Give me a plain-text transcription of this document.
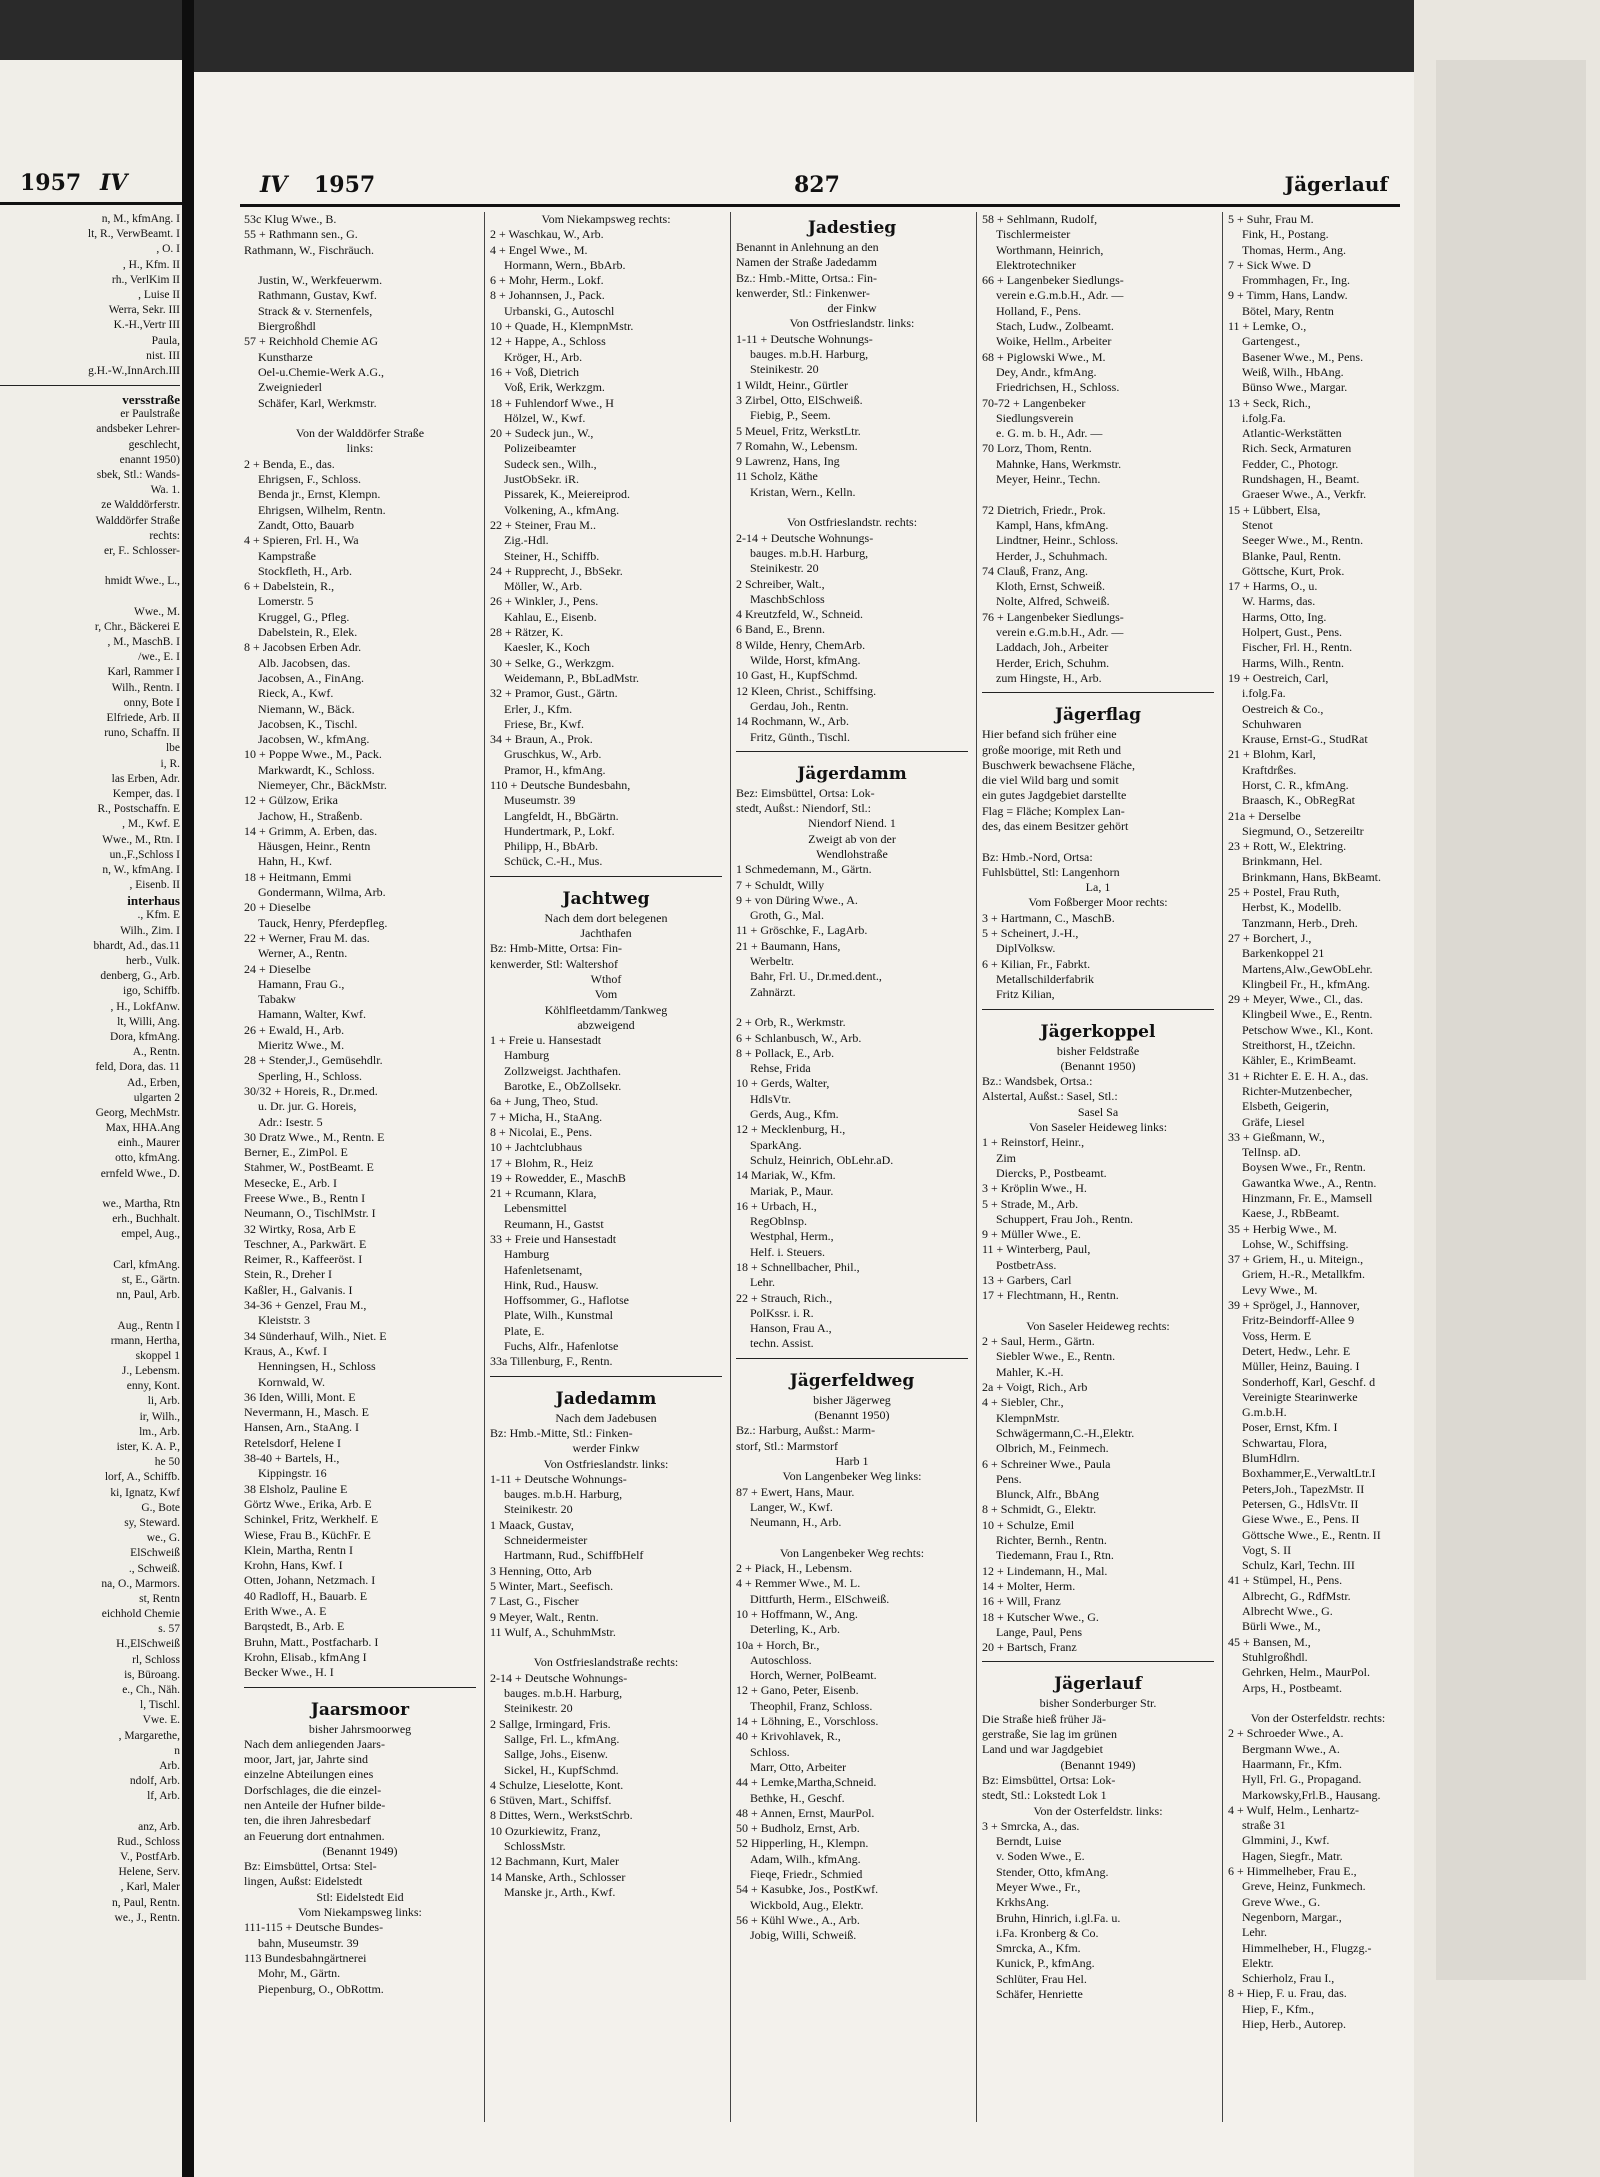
1957 IV
n, M., kfmAng. I
lt, R., VerwBeamt. I
, O. I
, H., Kfm. II
rh., VerlKim II
, Luise II
Werra, Sekr. III
K.-H.,Vertr III
Paula,
nist. III
g.H.-W.,InnArch.III
versstraße
er Paulstraße
andsbeker Lehrer-
geschlecht,
enannt 1950)
sbek, Stl.: Wands-
Wa. 1.
ze Walddörferstr.
Walddörfer Straße
rechts:
er, F.. Schlosser-
hmidt Wwe., L.,
Wwe., M.
r, Chr., Bäckerei E
, M., MaschB. I
/we., E. I
Karl, Rammer I
Wilh., Rentn. I
onny, Bote I
Elfriede, Arb. II
runo, Schaffn. II
lbe
i, R.
las Erben, Adr.
Kemper, das. I
R., Postschaffn. E
, M., Kwf. E
Wwe., M., Rtn. I
un.,F.,Schloss I
n, W., kfmAng. I
, Eisenb. II
interhaus
., Kfm. E
Wilh., Zim. I
bhardt, Ad., das.11
herb., Vulk.
denberg, G., Arb.
igo, Schiffb.
, H., LokfAnw.
lt, Willi, Ang.
Dora, kfmAng.
A., Rentn.
feld, Dora, das. 11
Ad., Erben,
ulgarten 2
Georg, MechMstr.
Max, HHA.Ang
einh., Maurer
otto, kfmAng.
ernfeld Wwe., D.
we., Martha, Rtn
erh., Buchhalt.
empel, Aug.,
Carl, kfmAng.
st, E., Gärtn.
nn, Paul, Arb.
Aug., Rentn I
rmann, Hertha,
skoppel 1
J., Lebensm.
enny, Kont.
li, Arb.
ir, Wilh.,
lm., Arb.
ister, K. A. P.,
he 50
lorf, A., Schiffb.
ki, Ignatz, Kwf
G., Bote
sy, Steward.
we., G.
ElSchweiß
., Schweiß.
na, O., Marmors.
st, Rentn
eichhold Chemie
s. 57
H.,ElSchweiß
rl, Schloss
is, Büroang.
e., Ch., Näh.
l, Tischl.
Vwe. E.
, Margarethe,
n
Arb.
ndolf, Arb.
lf, Arb.
anz, Arb.
Rud., Schloss
V., PostfArb.
Helene, Serv.
, Karl, Maler
n, Paul, Rentn.
we., J., Rentn.
IV 1957	827	Jägerlauf
53c Klug Wwe., B.
55 + Rathmann sen., G.
Rathmann, W., Fischräuch.
Justin, W., Werkfeuerwm.
Rathmann, Gustav, Kwf.
Strack & v. Sternenfels,
Biergroßhdl
57 + Reichhold Chemie AG
Kunstharze
Oel-u.Chemie-Werk A.G.,
Zweigniederl
Schäfer, Karl, Werkmstr.
Von der Walddörfer Straße
links:
2 + Benda, E., das.
Ehrigsen, F., Schloss.
Benda jr., Ernst, Klempn.
Ehrigsen, Wilhelm, Rentn.
Zandt, Otto, Bauarb
4 + Spieren, Frl. H., Wa
Kampstraße
Stockfleth, H., Arb.
6 + Dabelstein, R.,
Lomerstr. 5
Kruggel, G., Pfleg.
Dabelstein, R., Elek.
8 + Jacobsen Erben Adr.
Alb. Jacobsen, das.
Jacobsen, A., FinAng.
Rieck, A., Kwf.
Niemann, W., Bäck.
Jacobsen, K., Tischl.
Jacobsen, W., kfmAng.
10 + Poppe Wwe., M., Pack.
Markwardt, K., Schloss.
Niemeyer, Chr., BäckMstr.
12 + Gülzow, Erika
Jachow, H., Straßenb.
14 + Grimm, A. Erben, das.
Häusgen, Heinr., Rentn
Hahn, H., Kwf.
18 + Heitmann, Emmi
Gondermann, Wilma, Arb.
20 + Dieselbe
Tauck, Henry, Pferdepfleg.
22 + Werner, Frau M. das.
Werner, A., Rentn.
24 + Dieselbe
Hamann, Frau G.,
Tabakw
Hamann, Walter, Kwf.
26 + Ewald, H., Arb.
Mieritz Wwe., M.
28 + Stender,J., Gemüsehdlr.
Sperling, H., Schloss.
30/32 + Horeis, R., Dr.med.
u. Dr. jur. G. Horeis,
Adr.: Isestr. 5
30 Dratz Wwe., M., Rentn. E
Berner, E., ZimPol. E
Stahmer, W., PostBeamt. E
Mesecke, E., Arb. I
Freese Wwe., B., Rentn I
Neumann, O., TischlMstr. I
32 Wirtky, Rosa, Arb E
Teschner, A., Parkwärt. E
Reimer, R., Kaffeeröst. I
Stein, R., Dreher I
Kaßler, H., Galvanis. I
34-36 + Genzel, Frau M.,
Kleiststr. 3
34 Sünderhauf, Wilh., Niet. E
Kraus, A., Kwf. I
Henningsen, H., Schloss
Kornwald, W.
36 Iden, Willi, Mont. E
Nevermann, H., Masch. E
Hansen, Arn., StaAng. I
Retelsdorf, Helene I
38-40 + Bartels, H.,
Kippingstr. 16
38 Elsholz, Pauline E
Görtz Wwe., Erika, Arb. E
Schinkel, Fritz, Werkhelf. E
Wiese, Frau B., KüchFr. E
Klein, Martha, Rentn I
Krohn, Hans, Kwf. I
Otten, Johann, Netzmach. I
40 Radloff, H., Bauarb. E
Erith Wwe., A. E
Barqstedt, B., Arb. E
Bruhn, Matt., Postfacharb. I
Krohn, Elisab., kfmAng I
Becker Wwe., H. I
Jaarsmoor
bisher Jahrsmoorweg
Nach dem anliegenden Jaars-
moor, Jart, jar, Jahrte sind
einzelne Abteilungen eines
Dorfschlages, die die einzel-
nen Anteile der Hufner bilde-
ten, die ihren Jahresbedarf
an Feuerung dort entnahmen.
(Benannt 1949)
Bz: Eimsbüttel, Ortsa: Stel-
lingen, Außst: Eidelstedt
Stl: Eidelstedt Eid
Vom Niekampsweg links:
111-115 + Deutsche Bundes-
bahn, Museumstr. 39
113 Bundesbahngärtnerei
Mohr, M., Gärtn.
Piepenburg, O., ObRottm.
Vom Niekampsweg rechts:
2 + Waschkau, W., Arb.
4 + Engel Wwe., M.
Hormann, Wern., BbArb.
6 + Mohr, Herm., Lokf.
8 + Johannsen, J., Pack.
Urbanski, G., Autoschl
10 + Quade, H., KlempnMstr.
12 + Happe, A., Schloss
Kröger, H., Arb.
16 + Voß, Dietrich
Voß, Erik, Werkzgm.
18 + Fuhlendorf Wwe., H
Hölzel, W., Kwf.
20 + Sudeck jun., W.,
Polizeibeamter
Sudeck sen., Wilh.,
JustObSekr. iR.
Pissarek, K., Meiereiprod.
Volkening, A., kfmAng.
22 + Steiner, Frau M..
Zig.-Hdl.
Steiner, H., Schiffb.
24 + Rupprecht, J., BbSekr.
Möller, W., Arb.
26 + Winkler, J., Pens.
Kahlau, E., Eisenb.
28 + Rätzer, K.
Kaesler, K., Koch
30 + Selke, G., Werkzgm.
Weidemann, P., BbLadMstr.
32 + Pramor, Gust., Gärtn.
Erler, J., Kfm.
Friese, Br., Kwf.
34 + Braun, A., Prok.
Gruschkus, W., Arb.
Pramor, H., kfmAng.
110 + Deutsche Bundesbahn,
Museumstr. 39
Langfeldt, H., BbGärtn.
Hundertmark, P., Lokf.
Philipp, H., BbArb.
Schück, C.-H., Mus.
Jachtweg
Nach dem dort belegenen
Jachthafen
Bz: Hmb-Mitte, Ortsa: Fin-
kenwerder, Stl: Waltershof
Wthof
Vom
Köhlfleetdamm/Tankweg
abzweigend
1 + Freie u. Hansestadt
Hamburg
Zollzweigst. Jachthafen.
Barotke, E., ObZollsekr.
6a + Jung, Theo, Stud.
7 + Micha, H., StaAng.
8 + Nicolai, E., Pens.
10 + Jachtclubhaus
17 + Blohm, R., Heiz
19 + Rowedder, E., MaschB
21 + Rcumann, Klara,
Lebensmittel
Reumann, H., Gastst
33 + Freie und Hansestadt
Hamburg
Hafenletsenamt,
Hink, Rud., Hausw.
Hoffsommer, G., Haflotse
Plate, Wilh., Kunstmal
Plate, E.
Fuchs, Alfr., Hafenlotse
33a Tillenburg, F., Rentn.
Jadedamm
Nach dem Jadebusen
Bz: Hmb.-Mitte, Stl.: Finken-
werder Finkw
Von Ostfrieslandstr. links:
1-11 + Deutsche Wohnungs-
bauges. m.b.H. Harburg,
Steinikestr. 20
1 Maack, Gustav,
Schneidermeister
Hartmann, Rud., SchiffbHelf
3 Henning, Otto, Arb
5 Winter, Mart., Seefisch.
7 Last, G., Fischer
9 Meyer, Walt., Rentn.
11 Wulf, A., SchuhmMstr.
Von Ostfrieslandstraße rechts:
2-14 + Deutsche Wohnungs-
bauges. m.b.H. Harburg,
Steinikestr. 20
2 Sallge, Irmingard, Fris.
Sallge, Frl. L., kfmAng.
Sallge, Johs., Eisenw.
Sickel, H., KupfSchmd.
4 Schulze, Lieselotte, Kont.
6 Stüven, Mart., Schiffsf.
8 Dittes, Wern., WerkstSchrb.
10 Ozurkiewitz, Franz,
SchlossMstr.
12 Bachmann, Kurt, Maler
14 Manske, Arth., Schlosser
Manske jr., Arth., Kwf.
Jadestieg
Benannt in Anlehnung an den
Namen der Straße Jadedamm
Bz.: Hmb.-Mitte, Ortsa.: Fin-
kenwerder, Stl.: Finkenwer-
der Finkw
Von Ostfrieslandstr. links:
1-11 + Deutsche Wohnungs-
bauges. m.b.H. Harburg,
Steinikestr. 20
1 Wildt, Heinr., Gürtler
3 Zirbel, Otto, ElSchweiß.
Fiebig, P., Seem.
5 Meuel, Fritz, WerkstLtr.
7 Romahn, W., Lebensm.
9 Lawrenz, Hans, Ing
11 Scholz, Käthe
Kristan, Wern., Kelln.
Von Ostfrieslandstr. rechts:
2-14 + Deutsche Wohnungs-
bauges. m.b.H. Harburg,
Steinikestr. 20
2 Schreiber, Walt.,
MaschbSchloss
4 Kreutzfeld, W., Schneid.
6 Band, E., Brenn.
8 Wilde, Henry, ChemArb.
Wilde, Horst, kfmAng.
10 Gast, H., KupfSchmd.
12 Kleen, Christ., Schiffsing.
Gerdau, Joh., Rentn.
14 Rochmann, W., Arb.
Fritz, Günth., Tischl.
Jägerdamm
Bez: Eimsbüttel, Ortsa: Lok-
stedt, Außst.: Niendorf, Stl.:
Niendorf Niend. 1
Zweigt ab von der
Wendlohstraße
1 Schmedemann, M., Gärtn.
7 + Schuldt, Willy
9 + von Düring Wwe., A.
Groth, G., Mal.
11 + Gröschke, F., LagArb.
21 + Baumann, Hans,
Werbeltr.
Bahr, Frl. U., Dr.med.dent.,
Zahnärzt.
2 + Orb, R., Werkmstr.
6 + Schlanbusch, W., Arb.
8 + Pollack, E., Arb.
Rehse, Frida
10 + Gerds, Walter,
HdlsVtr.
Gerds, Aug., Kfm.
12 + Mecklenburg, H.,
SparkAng.
Schulz, Heinrich, ObLehr.aD.
14 Mariak, W., Kfm.
Mariak, P., Maur.
16 + Urbach, H.,
RegOblnsp.
Westphal, Herm.,
Helf. i. Steuers.
18 + Schnellbacher, Phil.,
Lehr.
22 + Strauch, Rich.,
PolKssr. i. R.
Hanson, Frau A.,
techn. Assist.
Jägerfeldweg
bisher Jägerweg
(Benannt 1950)
Bz.: Harburg, Außst.: Marm-
storf, Stl.: Marmstorf
Harb 1
Von Langenbeker Weg links:
87 + Ewert, Hans, Maur.
Langer, W., Kwf.
Neumann, H., Arb.
Von Langenbeker Weg rechts:
2 + Piack, H., Lebensm.
4 + Remmer Wwe., M. L.
Dittfurth, Herm., ElSchweiß.
10 + Hoffmann, W., Ang.
Deterling, K., Arb.
10a + Horch, Br.,
Autoschloss.
Horch, Werner, PolBeamt.
12 + Gano, Peter, Eisenb.
Theophil, Franz, Schloss.
14 + Löhning, E., Vorschloss.
40 + Krivohlavek, R.,
Schloss.
Marr, Otto, Arbeiter
44 + Lemke,Martha,Schneid.
Bethke, H., Geschf.
48 + Annen, Ernst, MaurPol.
50 + Budholz, Ernst, Arb.
52 Hipperling, H., Klempn.
Adam, Wilh., kfmAng.
Fieqe, Friedr., Schmied
54 + Kasubke, Jos., PostKwf.
Wickbold, Aug., Elektr.
56 + Kühl Wwe., A., Arb.
Jobig, Willi, Schweiß.
58 + Sehlmann, Rudolf,
Tischlermeister
Worthmann, Heinrich,
Elektrotechniker
66 + Langenbeker Siedlungs-
verein e.G.m.b.H., Adr. —
Holland, F., Pens.
Stach, Ludw., Zolbeamt.
Woike, Hellm., Arbeiter
68 + Piglowski Wwe., M.
Dey, Andr., kfmAng.
Friedrichsen, H., Schloss.
70-72 + Langenbeker
Siedlungsverein
e. G. m. b. H., Adr. —
70 Lorz, Thom, Rentn.
Mahnke, Hans, Werkmstr.
Meyer, Heinr., Techn.
72 Dietrich, Friedr., Prok.
Kampl, Hans, kfmAng.
Lindtner, Heinr., Schloss.
Herder, J., Schuhmach.
74 Clauß, Franz, Ang.
Kloth, Ernst, Schweiß.
Nolte, Alfred, Schweiß.
76 + Langenbeker Siedlungs-
verein e.G.m.b.H., Adr. —
Laddach, Joh., Arbeiter
Herder, Erich, Schuhm.
zum Hingste, H., Arb.
Jägerflag
Hier befand sich früher eine
große moorige, mit Reth und
Buschwerk bewachsene Fläche,
die viel Wild barg und somit
ein gutes Jagdgebiet darstellte
Flag = Fläche; Komplex Lan-
des, das einem Besitzer gehört
Bz: Hmb.-Nord, Ortsa:
Fuhlsbüttel, Stl: Langenhorn
La, 1
Vom Foßberger Moor rechts:
3 + Hartmann, C., MaschB.
5 + Scheinert, J.-H.,
DiplVolksw.
6 + Kilian, Fr., Fabrkt.
Metallschilderfabrik
Fritz Kilian,
Jägerkoppel
bisher Feldstraße
(Benannt 1950)
Bz.: Wandsbek, Ortsa.:
Alstertal, Außst.: Sasel, Stl.:
Sasel Sa
Von Saseler Heideweg links:
1 + Reinstorf, Heinr.,
Zim
Diercks, P., Postbeamt.
3 + Kröplin Wwe., H.
5 + Strade, M., Arb.
Schuppert, Frau Joh., Rentn.
9 + Müller Wwe., E.
11 + Winterberg, Paul,
PostbetrAss.
13 + Garbers, Carl
17 + Flechtmann, H., Rentn.
Von Saseler Heideweg rechts:
2 + Saul, Herm., Gärtn.
Siebler Wwe., E., Rentn.
Mahler, K.-H.
2a + Voigt, Rich., Arb
4 + Siebler, Chr.,
KlempnMstr.
Schwägermann,C.-H.,Elektr.
Olbrich, M., Feinmech.
6 + Schreiner Wwe., Paula
Pens.
Blunck, Alfr., BbAng
8 + Schmidt, G., Elektr.
10 + Schulze, Emil
Richter, Bernh., Rentn.
Tiedemann, Frau I., Rtn.
12 + Lindemann, H., Mal.
14 + Molter, Herm.
16 + Will, Franz
18 + Kutscher Wwe., G.
Lange, Paul, Pens
20 + Bartsch, Franz
Jägerlauf
bisher Sonderburger Str.
Die Straße hieß früher Jä-
gerstraße, Sie lag im grünen
Land und war Jagdgebiet
(Benannt 1949)
Bz: Eimsbüttel, Ortsa: Lok-
stedt, Stl.: Lokstedt Lok 1
Von der Osterfeldstr. links:
3 + Smrcka, A., das.
Berndt, Luise
v. Soden Wwe., E.
Stender, Otto, kfmAng.
Meyer Wwe., Fr.,
KrkhsAng.
Bruhn, Hinrich, i.gl.Fa. u.
i.Fa. Kronberg & Co.
Smrcka, A., Kfm.
Kunick, P., kfmAng.
Schlüter, Frau Hel.
Schäfer, Henriette
5 + Suhr, Frau M.
Fink, H., Postang.
Thomas, Herm., Ang.
7 + Sick Wwe. D
Frommhagen, Fr., Ing.
9 + Timm, Hans, Landw.
Bötel, Mary, Rentn
11 + Lemke, O.,
Gartengest.,
Basener Wwe., M., Pens.
Weiß, Wilh., HbAng.
Bünso Wwe., Margar.
13 + Seck, Rich.,
i.folg.Fa.
Atlantic-Werkstätten
Rich. Seck, Armaturen
Fedder, C., Photogr.
Rundshagen, H., Beamt.
Graeser Wwe., A., Verkfr.
15 + Lübbert, Elsa,
Stenot
Seeger Wwe., M., Rentn.
Blanke, Paul, Rentn.
Göttsche, Kurt, Prok.
17 + Harms, O., u.
W. Harms, das.
Harms, Otto, Ing.
Holpert, Gust., Pens.
Fischer, Frl. H., Rentn.
Harms, Wilh., Rentn.
19 + Oestreich, Carl,
i.folg.Fa.
Oestreich & Co.,
Schuhwaren
Krause, Ernst-G., StudRat
21 + Blohm, Karl,
Kraftdrßes.
Horst, C. R., kfmAng.
Braasch, K., ObRegRat
21a + Derselbe
Siegmund, O., Setzereiltr
23 + Rott, W., Elektring.
Brinkmann, Hel.
Brinkmann, Hans, BkBeamt.
25 + Postel, Frau Ruth,
Herbst, K., Modellb.
Tanzmann, Herb., Dreh.
27 + Borchert, J.,
Barkenkoppel 21
Martens,Alw.,GewObLehr.
Klingbeil Fr., H., kfmAng.
29 + Meyer, Wwe., Cl., das.
Klingbeil Wwe., E., Rentn.
Petschow Wwe., Kl., Kont.
Streithorst, H., tZeichn.
Kähler, E., KrimBeamt.
31 + Richter E. E. H. A., das.
Richter-Mutzenbecher,
Elsbeth, Geigerin,
Gräfe, Liesel
33 + Gießmann, W.,
TelInsp. aD.
Boysen Wwe., Fr., Rentn.
Gawantka Wwe., A., Rentn.
Hinzmann, Fr. E., Mamsell
Kaese, J., RbBeamt.
35 + Herbig Wwe., M.
Lohse, W., Schiffsing.
37 + Griem, H., u. Miteign.,
Griem, H.-R., Metallkfm.
Levy Wwe., M.
39 + Sprögel, J., Hannover,
Fritz-Beindorff-Allee 9
Voss, Herm. E
Detert, Hedw., Lehr. E
Müller, Heinz, Bauing. I
Sonderhoff, Karl, Geschf. d
Vereinigte Stearinwerke
G.m.b.H.
Poser, Ernst, Kfm. I
Schwartau, Flora,
BlumHdlrn.
Boxhammer,E.,VerwaltLtr.I
Peters,Joh., TapezMstr. II
Petersen, G., HdlsVtr. II
Giese Wwe., E., Pens. II
Göttsche Wwe., E., Rentn. II
Vogt, S. II
Schulz, Karl, Techn. III
41 + Stümpel, H., Pens.
Albrecht, G., RdfMstr.
Albrecht Wwe., G.
Bürli Wwe., M.,
45 + Bansen, M.,
Stuhlgroßhdl.
Gehrken, Helm., MaurPol.
Arps, H., Postbeamt.
Von der Osterfeldstr. rechts:
2 + Schroeder Wwe., A.
Bergmann Wwe., A.
Haarmann, Fr., Kfm.
Hyll, Frl. G., Propagand.
Markowsky,Frl.B., Hausang.
4 + Wulf, Helm., Lenhartz-
straße 31
Glmmini, J., Kwf.
Hagen, Siegfr., Matr.
6 + Himmelheber, Frau E.,
Greve, Heinz, Funkmech.
Greve Wwe., G.
Negenborn, Margar.,
Lehr.
Himmelheber, H., Flugzg.-
Elektr.
Schierholz, Frau I.,
8 + Hiep, F. u. Frau, das.
Hiep, F., Kfm.,
Hiep, Herb., Autorep.
